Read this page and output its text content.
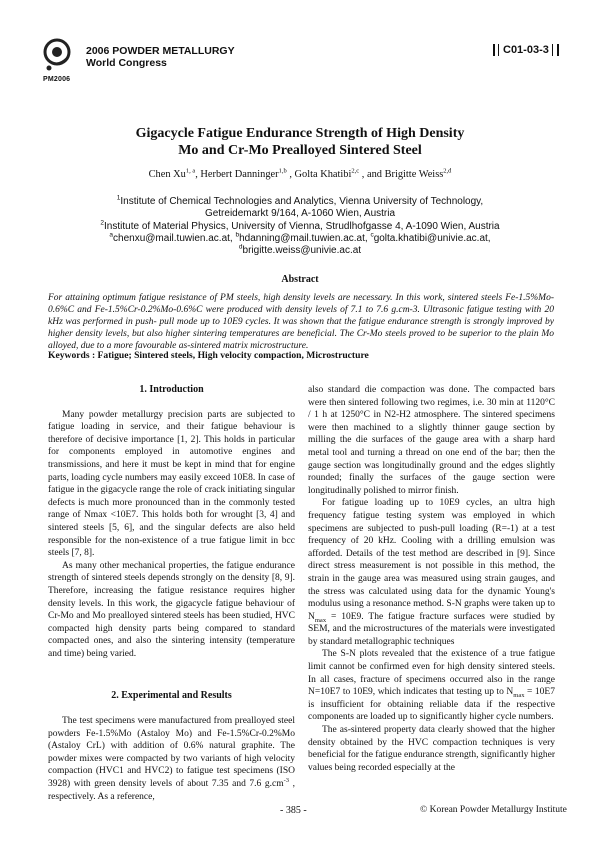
PM2006
2006 POWDER METALLURGY
World Congress
C01-03-3
Gigacycle Fatigue Endurance Strength of High Density
Mo and Cr-Mo Prealloyed Sintered Steel
Chen Xu$^{1, a}$, Herbert Danninger$^{1,b}$ , Golta Khatibi$^{2,c}$ , and Brigitte Weiss$^{2,d}$
$^1$Institute of Chemical Technologies and Analytics, Vienna University of Technology,
Getreidemarkt 9/164, A-1060 Wien, Austria
$^2$Institute of Material Physics, University of Vienna, Strudlhofgasse 4, A-1090 Wien, Austria
$^a$chenxu@mail.tuwien.ac.at, $^b$hdanning@mail.tuwien.ac.at, $^c$golta.khatibi@univie.ac.at,
$^d$brigitte.weiss@univie.ac.at
Abstract
For attaining optimum fatigue resistance of PM steels, high density levels are necessary. In this work, sintered steels Fe-1.5%Mo-0.6%C and Fe-1.5%Cr-0.2%Mo-0.6%C were produced with density levels of 7.1 to 7.6 g.cm-3. Ultrasonic fatigue testing with 20 kHz was performed in push- pull mode up to 10E9 cycles. It was shown that the fatigue endurance strength is strongly improved by higher density levels, but also higher sintering temperatures are beneficial. The Cr-Mo steels proved to be superior to the plain Mo alloyed, due to a more favourable as-sintered matrix microstructure.
Keywords : Fatigue; Sintered steels, High velocity compaction, Microstructure
1. Introduction

Many powder metallurgy precision parts are subjected to fatigue loading in service, and their fatigue behaviour is therefore of decisive importance [1, 2]. This holds in particular for components employed in automotive engines and transmissions, and here it must be kept in mind that for engine parts, loading cycle numbers may easily exceed 10E8. In case of fatigue in the gigacycle range the role of crack initiating singular defects is much more pronounced than in the commonly tested range of Nmax <10E7. This holds both for wrought [3, 4] and sintered steels [5, 6], and the singular defects are also held responsible for the non-existence of a true fatigue limit in bcc steels [7, 8].

As many other mechanical properties, the fatigue endurance strength of sintered steels depends strongly on the density [8, 9]. Therefore, increasing the fatigue resistance requires higher density levels. In this work, the gigacycle fatigue behaviour of Cr-Mo and Mo prealloyed sintered steels has been studied, HVC compacted high density parts being compared to standard compacted ones, and also the sintering intensity (temperature and time) being varied.

2. Experimental and Results

The test specimens were manufactured from prealloyed steel powders Fe-1.5%Mo (Astaloy Mo) and Fe-1.5%Cr-0.2%Mo (Astaloy CrL) with addition of 0.6% natural graphite. The powder mixes were compacted by two variants of high velocity compaction (HVC1 and HVC2) to fatigue test specimens (ISO 3928) with green density levels of about 7.35 and 7.6 $g.cm^{-3}$ , respectively. As a reference,

also standard die compaction was done. The compacted bars were then sintered following two regimes, i.e. 30 min at 1120°C / 1 h at 1250°C in N2-H2 atmosphere. The sintered specimens were then machined to a slightly thinner gauge section by milling the die surfaces of the gauge area with a sharp hard metal tool and turning a thread on one end of the bar; then the gauge section was longitudinally ground and the edges slightly rounded; finally the surfaces of the gauge section were longitudinally polished to mirror finish.

For fatigue loading up to 10E9 cycles, an ultra high frequency fatigue testing system was employed in which specimens are subjected to push-pull loading (R=-1) at a test frequency of 20 kHz. Cooling with a drilling emulsion was afforded. Details of the test method are described in [9]. Since direct stress measurement is not possible in this method, the strain in the gauge area was measured using strain gauges, and the stress was calculated using data for the dynamic Young's modulus using a resonance method. S-N graphs were taken up to $N_{max} = 10E9$. The fatigue fracture surfaces were studied by SEM, and the microstructures of the materials were investigated by standard metallographic techniques

The S-N plots revealed that the existence of a true fatigue limit cannot be confirmed even for high density sintered steels. In all cases, fracture of specimens occurred also in the range N=10E7 to 10E9, which indicates that testing up to $N_{max} = 10E7$ is insufficient for obtaining reliable data if the respective components are loaded up to significantly higher cycle numbers.

The as-sintered property data clearly showed that the higher density obtained by the HVC compaction techniques is very beneficial for the fatigue endurance strength, significantly higher values being recorded especially at the

- 385 -	© Korean Powder Metallurgy Institute
